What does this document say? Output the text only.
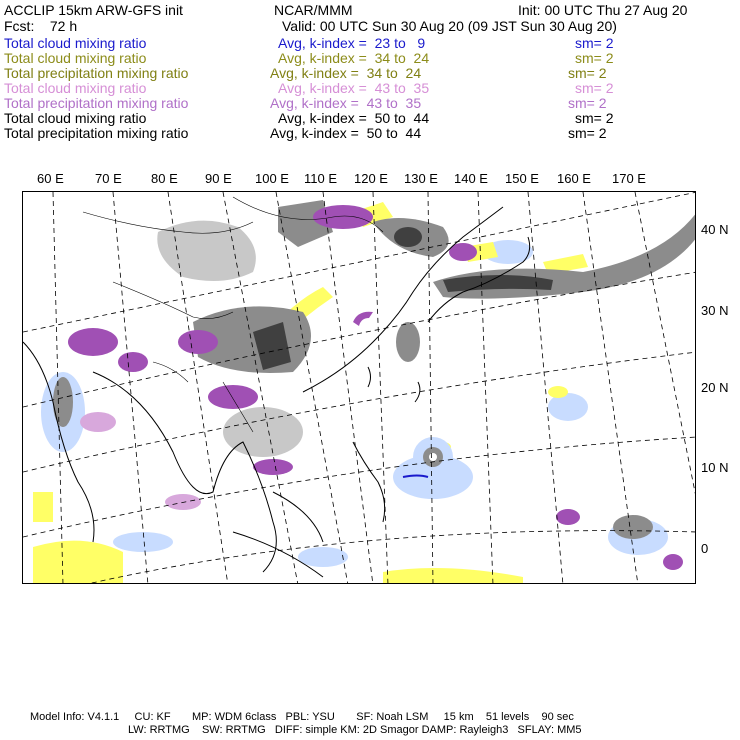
ACCLIP 15km ARW-GFS init	NCAR/MMM	Init: 00 UTC Thu 27 Aug 20
Fcst:    72 h	Valid: 00 UTC Sun 30 Aug 20 (09 JST Sun 30 Aug 20)
Total cloud mixing ratio	Avg, k-index =  23 to   9	sm= 2
Total cloud mixing ratio	Avg, k-index =  34 to  24	sm= 2
Total precipitation mixing ratio	Avg, k-index =  34 to  24	sm= 2
Total cloud mixing ratio	Avg, k-index =  43 to  35	sm= 2
Total precipitation mixing ratio	Avg, k-index =  43 to  35	sm= 2
Total cloud mixing ratio	Avg, k-index =  50 to  44	sm= 2
Total precipitation mixing ratio	Avg, k-index =  50 to  44	sm= 2
60 E 70 E 80 E 90 E 100 E 110 E 120 E 130 E 140 E 150 E 160 E 170 E
40 N
30 N
20 N
10 N
0
Model Info: V4.1.1     CU: KF       MP: WDM 6class   PBL: YSU       SF: Noah LSM     15 km    51 levels    90 sec
LW: RRTMG    SW: RRTMG   DIFF: simple KM: 2D Smagor DAMP: Rayleigh3   SFLAY: MM5
